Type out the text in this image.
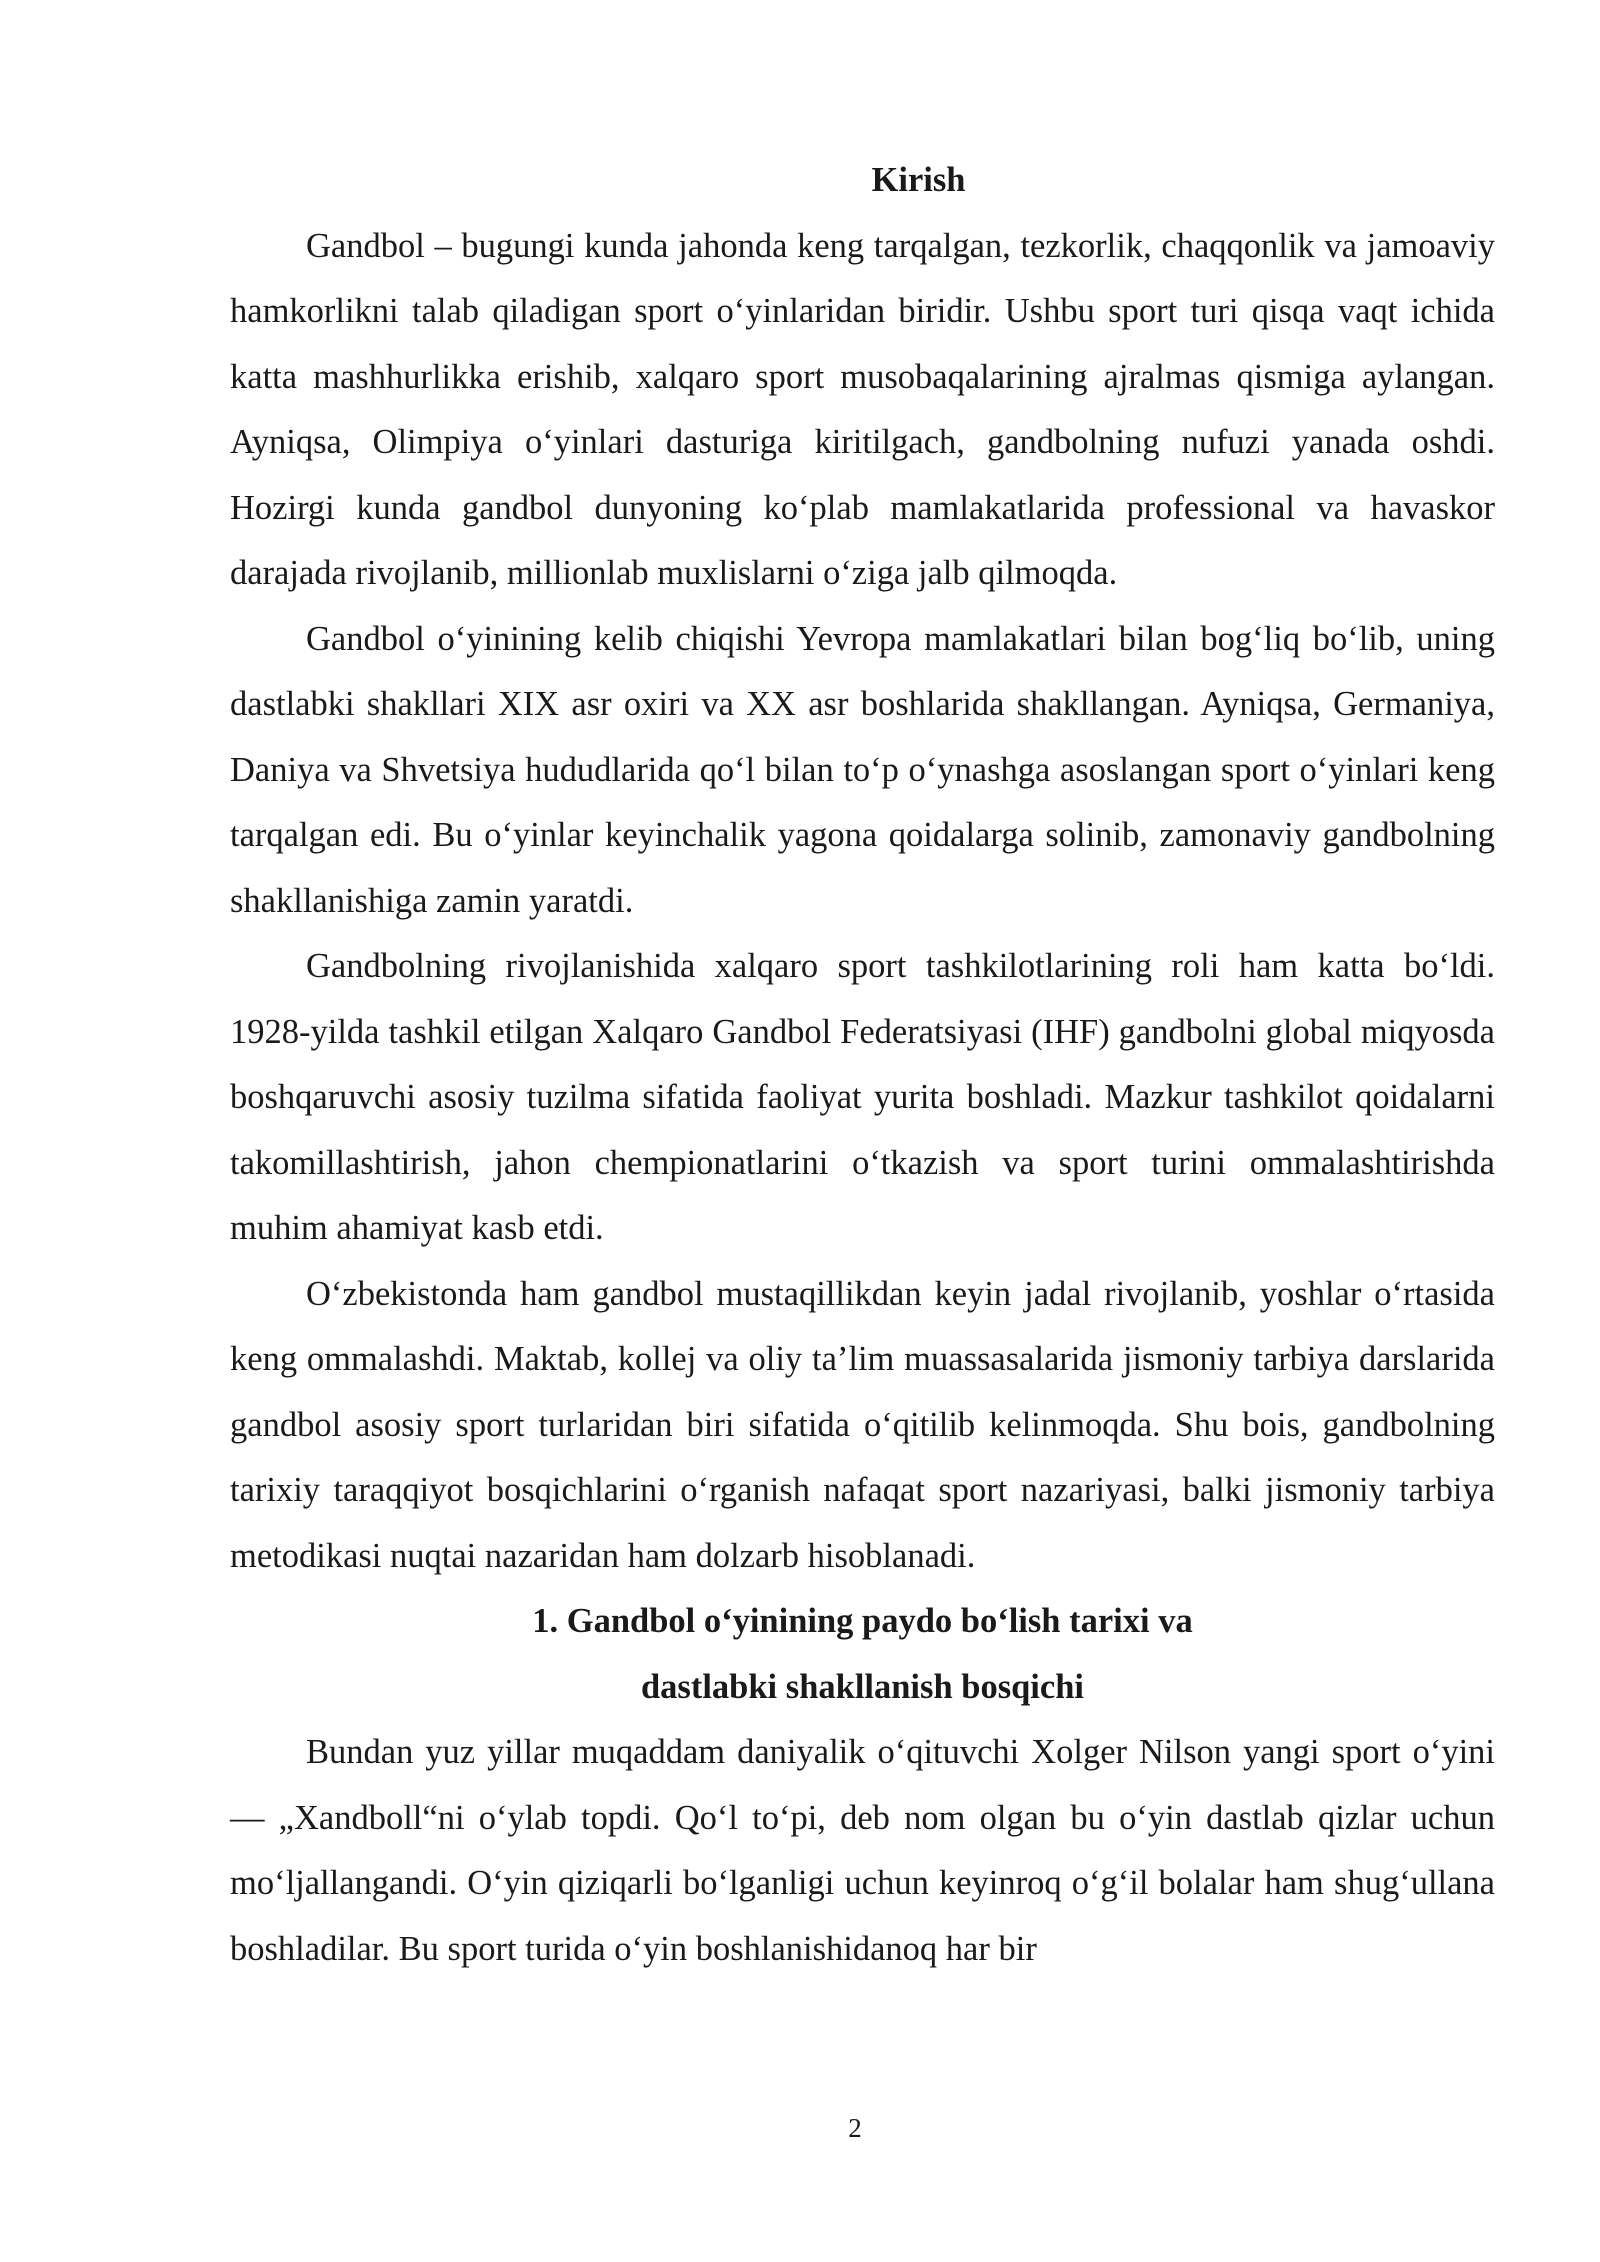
Kirish

Gandbol – bugungi kunda jahonda keng tarqalgan, tezkorlik, chaqqonlik va jamoaviy hamkorlikni talab qiladigan sport o‘yinlaridan biridir. Ushbu sport turi qisqa vaqt ichida katta mashhurlikka erishib, xalqaro sport musobaqalarining ajralmas qismiga aylangan. Ayniqsa, Olimpiya o‘yinlari dasturiga kiritilgach, gandbolning nufuzi yanada oshdi. Hozirgi kunda gandbol dunyoning ko‘plab mamlakatlarida professional va havaskor darajada rivojlanib, millionlab muxlislarni o‘ziga jalb qilmoqda.

Gandbol o‘yinining kelib chiqishi Yevropa mamlakatlari bilan bog‘liq bo‘lib, uning dastlabki shakllari XIX asr oxiri va XX asr boshlarida shakllangan. Ayniqsa, Germaniya, Daniya va Shvetsiya hududlarida qo‘l bilan to‘p o‘ynashga asoslangan sport o‘yinlari keng tarqalgan edi. Bu o‘yinlar keyinchalik yagona qoidalarga solinib, zamonaviy gandbolning shakllanishiga zamin yaratdi.

Gandbolning rivojlanishida xalqaro sport tashkilotlarining roli ham katta bo‘ldi. 1928-yilda tashkil etilgan Xalqaro Gandbol Federatsiyasi (IHF) gandbolni global miqyosda boshqaruvchi asosiy tuzilma sifatida faoliyat yurita boshladi. Mazkur tashkilot qoidalarni takomillashtirish, jahon chempionatlarini o‘tkazish va sport turini ommalashtirishda muhim ahamiyat kasb etdi.

O‘zbekistonda ham gandbol mustaqillikdan keyin jadal rivojlanib, yoshlar o‘rtasida keng ommalashdi. Maktab, kollej va oliy ta’lim muassasalarida jismoniy tarbiya darslarida gandbol asosiy sport turlaridan biri sifatida o‘qitilib kelinmoqda. Shu bois, gandbolning tarixiy taraqqiyot bosqichlarini o‘rganish nafaqat sport nazariyasi, balki jismoniy tarbiya metodikasi nuqtai nazaridan ham dolzarb hisoblanadi.

1. Gandbol o‘yinining paydo bo‘lish tarixi va

dastlabki shakllanish bosqichi

Bundan yuz yillar muqaddam daniyalik o‘qituvchi Xolger Nilson yangi sport o‘yini — „Xandboll“ni o‘ylab topdi. Qo‘l to‘pi, deb nom olgan bu o‘yin dastlab qizlar uchun mo‘ljallangandi. O‘yin qiziqarli bo‘lganligi uchun keyinroq o‘g‘il bolalar ham shug‘ullana boshladilar. Bu sport turida o‘yin boshlanishidanoq har bir

2
